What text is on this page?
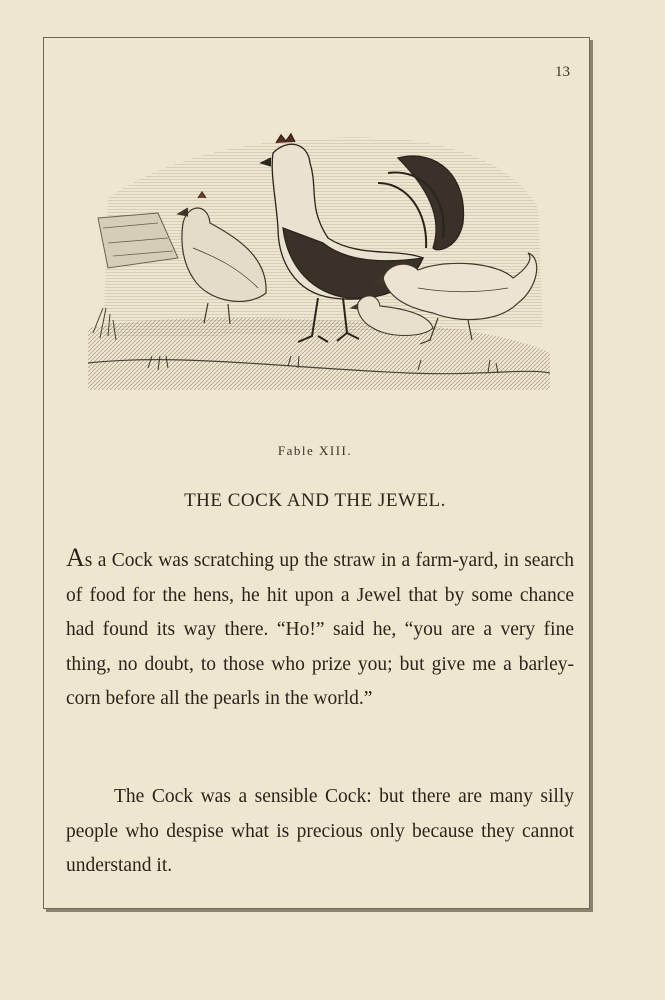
13
Fable XIII.
THE COCK AND THE JEWEL.

As a Cock was scratching up the straw in a farm-yard, in search of food for the hens, he hit upon a Jewel that by some chance had found its way there. “Ho!” said he, “you are a very fine thing, no doubt, to those who prize you; but give me a barley-corn before all the pearls in the world.”

The Cock was a sensible Cock: but there are many silly people who despise what is precious only because they cannot understand it.
